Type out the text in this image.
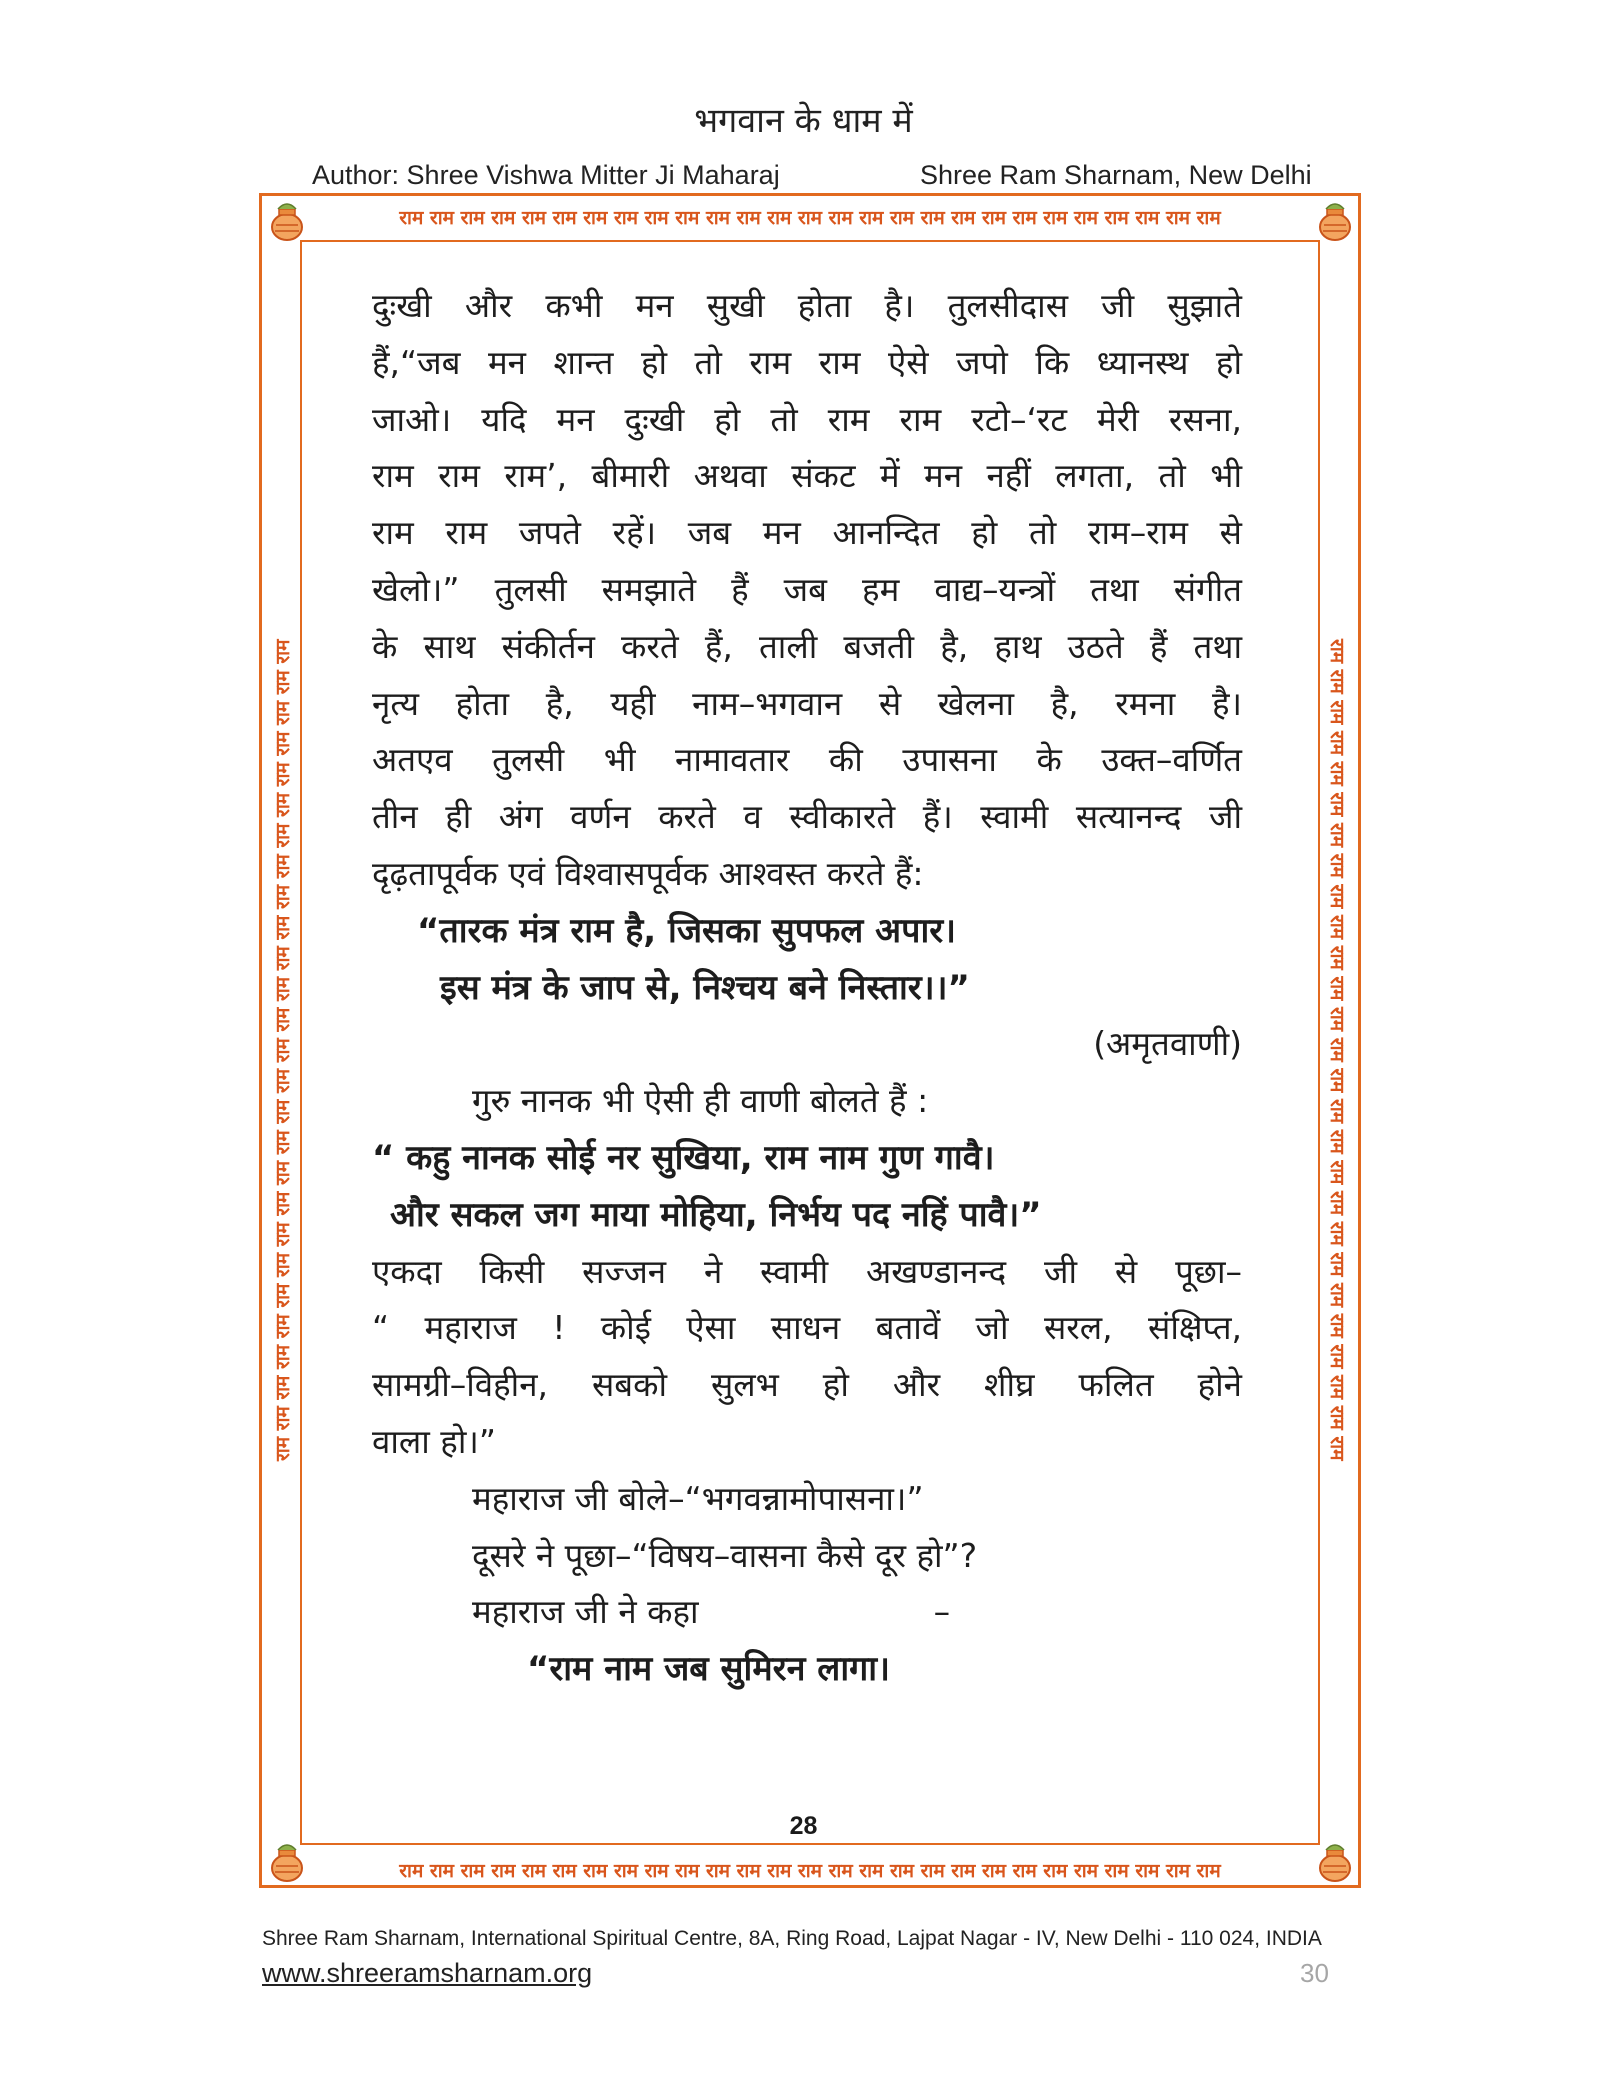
भगवान के धाम में
Author: Shree Vishwa Mitter Ji Maharaj	Shree Ram Sharnam, New Delhi
राम राम राम राम राम राम राम राम राम राम राम राम राम राम राम राम राम राम राम राम राम राम राम राम राम राम राम
राम राम राम राम राम राम राम राम राम राम राम राम राम राम राम राम राम राम राम राम राम राम राम राम राम राम राम
राम राम राम राम राम राम राम राम राम राम राम राम राम राम राम राम राम राम राम राम राम राम राम राम राम राम राम	राम राम राम राम राम राम राम राम राम राम राम राम राम राम राम राम राम राम राम राम राम राम राम राम राम राम राम
दुःखी और कभी मन सुखी होता है। तुलसीदास जी सुझाते
हैं,“जब मन शान्त हो तो राम राम ऐसे जपो कि ध्यानस्थ हो
जाओ। यदि मन दुःखी हो तो राम राम रटो–‘रट मेरी रसना,
राम राम राम’, बीमारी अथवा संकट में मन नहीं लगता, तो भी
राम राम जपते रहें। जब मन आनन्दित हो तो राम–राम से
खेलो।” तुलसी समझाते हैं जब हम वाद्य–यन्त्रों तथा संगीत
के साथ संकीर्तन करते हैं, ताली बजती है, हाथ उठते हैं तथा
नृत्य होता है, यही नाम–भगवान से खेलना है, रमना है।
अतएव तुलसी भी नामावतार की उपासना के उक्त–वर्णित
तीन ही अंग वर्णन करते व स्वीकारते हैं। स्वामी सत्यानन्द जी
दृढ़तापूर्वक एवं विश्वासपूर्वक आश्वस्त करते हैं:
“तारक मंत्र राम है, जिसका सुपफल अपार।
इस मंत्र के जाप से, निश्चय बने निस्तार।।”
(अमृतवाणी)
गुरु नानक भी ऐसी ही वाणी बोलते हैं :
“ कहु नानक सोई नर सुखिया, राम नाम गुण गावै।
और सकल जग माया मोहिया, निर्भय पद नहिं पावै।”
एकदा किसी सज्जन ने स्वामी अखण्डानन्द जी से पूछा–
“ महाराज ! कोई ऐसा साधन बतावें जो सरल, संक्षिप्त,
सामग्री–विहीन, सबको सुलभ हो और शीघ्र फलित होने
वाला हो।”
महाराज जी बोले–“भगवन्नामोपासना।”
दूसरे ने पूछा–“विषय–वासना कैसे दूर हो”?
महाराज जी ने कहा	–
“राम नाम जब सुमिरन लागा।
28
Shree Ram Sharnam, International Spiritual Centre, 8A, Ring Road, Lajpat Nagar - IV, New Delhi - 110 024, INDIA
www.shreeramsharnam.org	30
